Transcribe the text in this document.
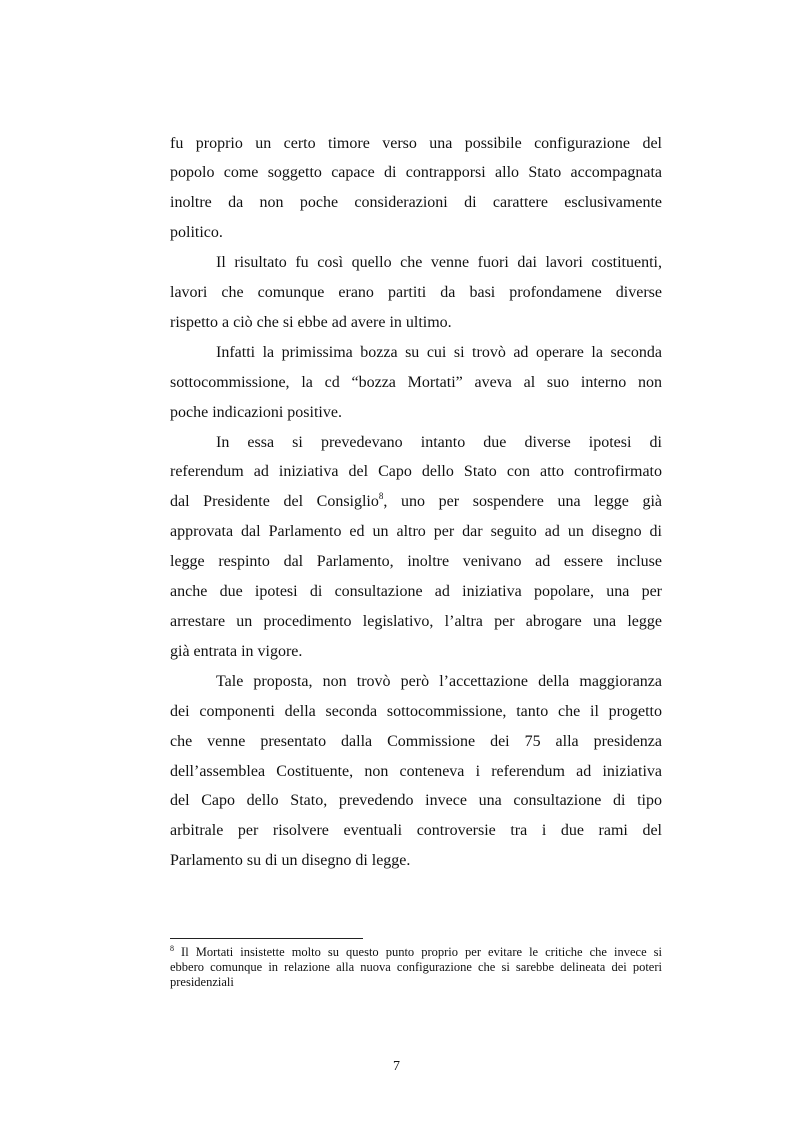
fu proprio un certo timore verso una possibile configurazione del
popolo come soggetto capace di contrapporsi allo Stato accompagnata
inoltre da non poche considerazioni di carattere esclusivamente
politico.
Il risultato fu così quello che venne fuori dai lavori costituenti,
lavori che comunque erano partiti da basi profondamene diverse
rispetto a ciò che si ebbe ad avere in ultimo.
Infatti la primissima bozza su cui si trovò ad operare la seconda
sottocommissione, la cd “bozza Mortati” aveva al suo interno non
poche indicazioni positive.
In essa si prevedevano intanto due diverse ipotesi di
referendum ad iniziativa del Capo dello Stato con atto controfirmato
dal Presidente del Consiglio$^8$, uno per sospendere una legge già
approvata dal Parlamento ed un altro per dar seguito ad un disegno di
legge respinto dal Parlamento, inoltre venivano ad essere incluse
anche due ipotesi di consultazione ad iniziativa popolare, una per
arrestare un procedimento legislativo, l’altra per abrogare una legge
già entrata in vigore.
Tale proposta, non trovò però l’accettazione della maggioranza
dei componenti della seconda sottocommissione, tanto che il progetto
che venne presentato dalla Commissione dei 75 alla presidenza
dell’assemblea Costituente, non conteneva i referendum ad iniziativa
del Capo dello Stato, prevedendo invece una consultazione di tipo
arbitrale per risolvere eventuali controversie tra i due rami del
Parlamento su di un disegno di legge.
$^8$ Il Mortati insistette molto su questo punto proprio per evitare le critiche che invece si
ebbero comunque in relazione alla nuova configurazione che si sarebbe delineata dei poteri
presidenziali
7
